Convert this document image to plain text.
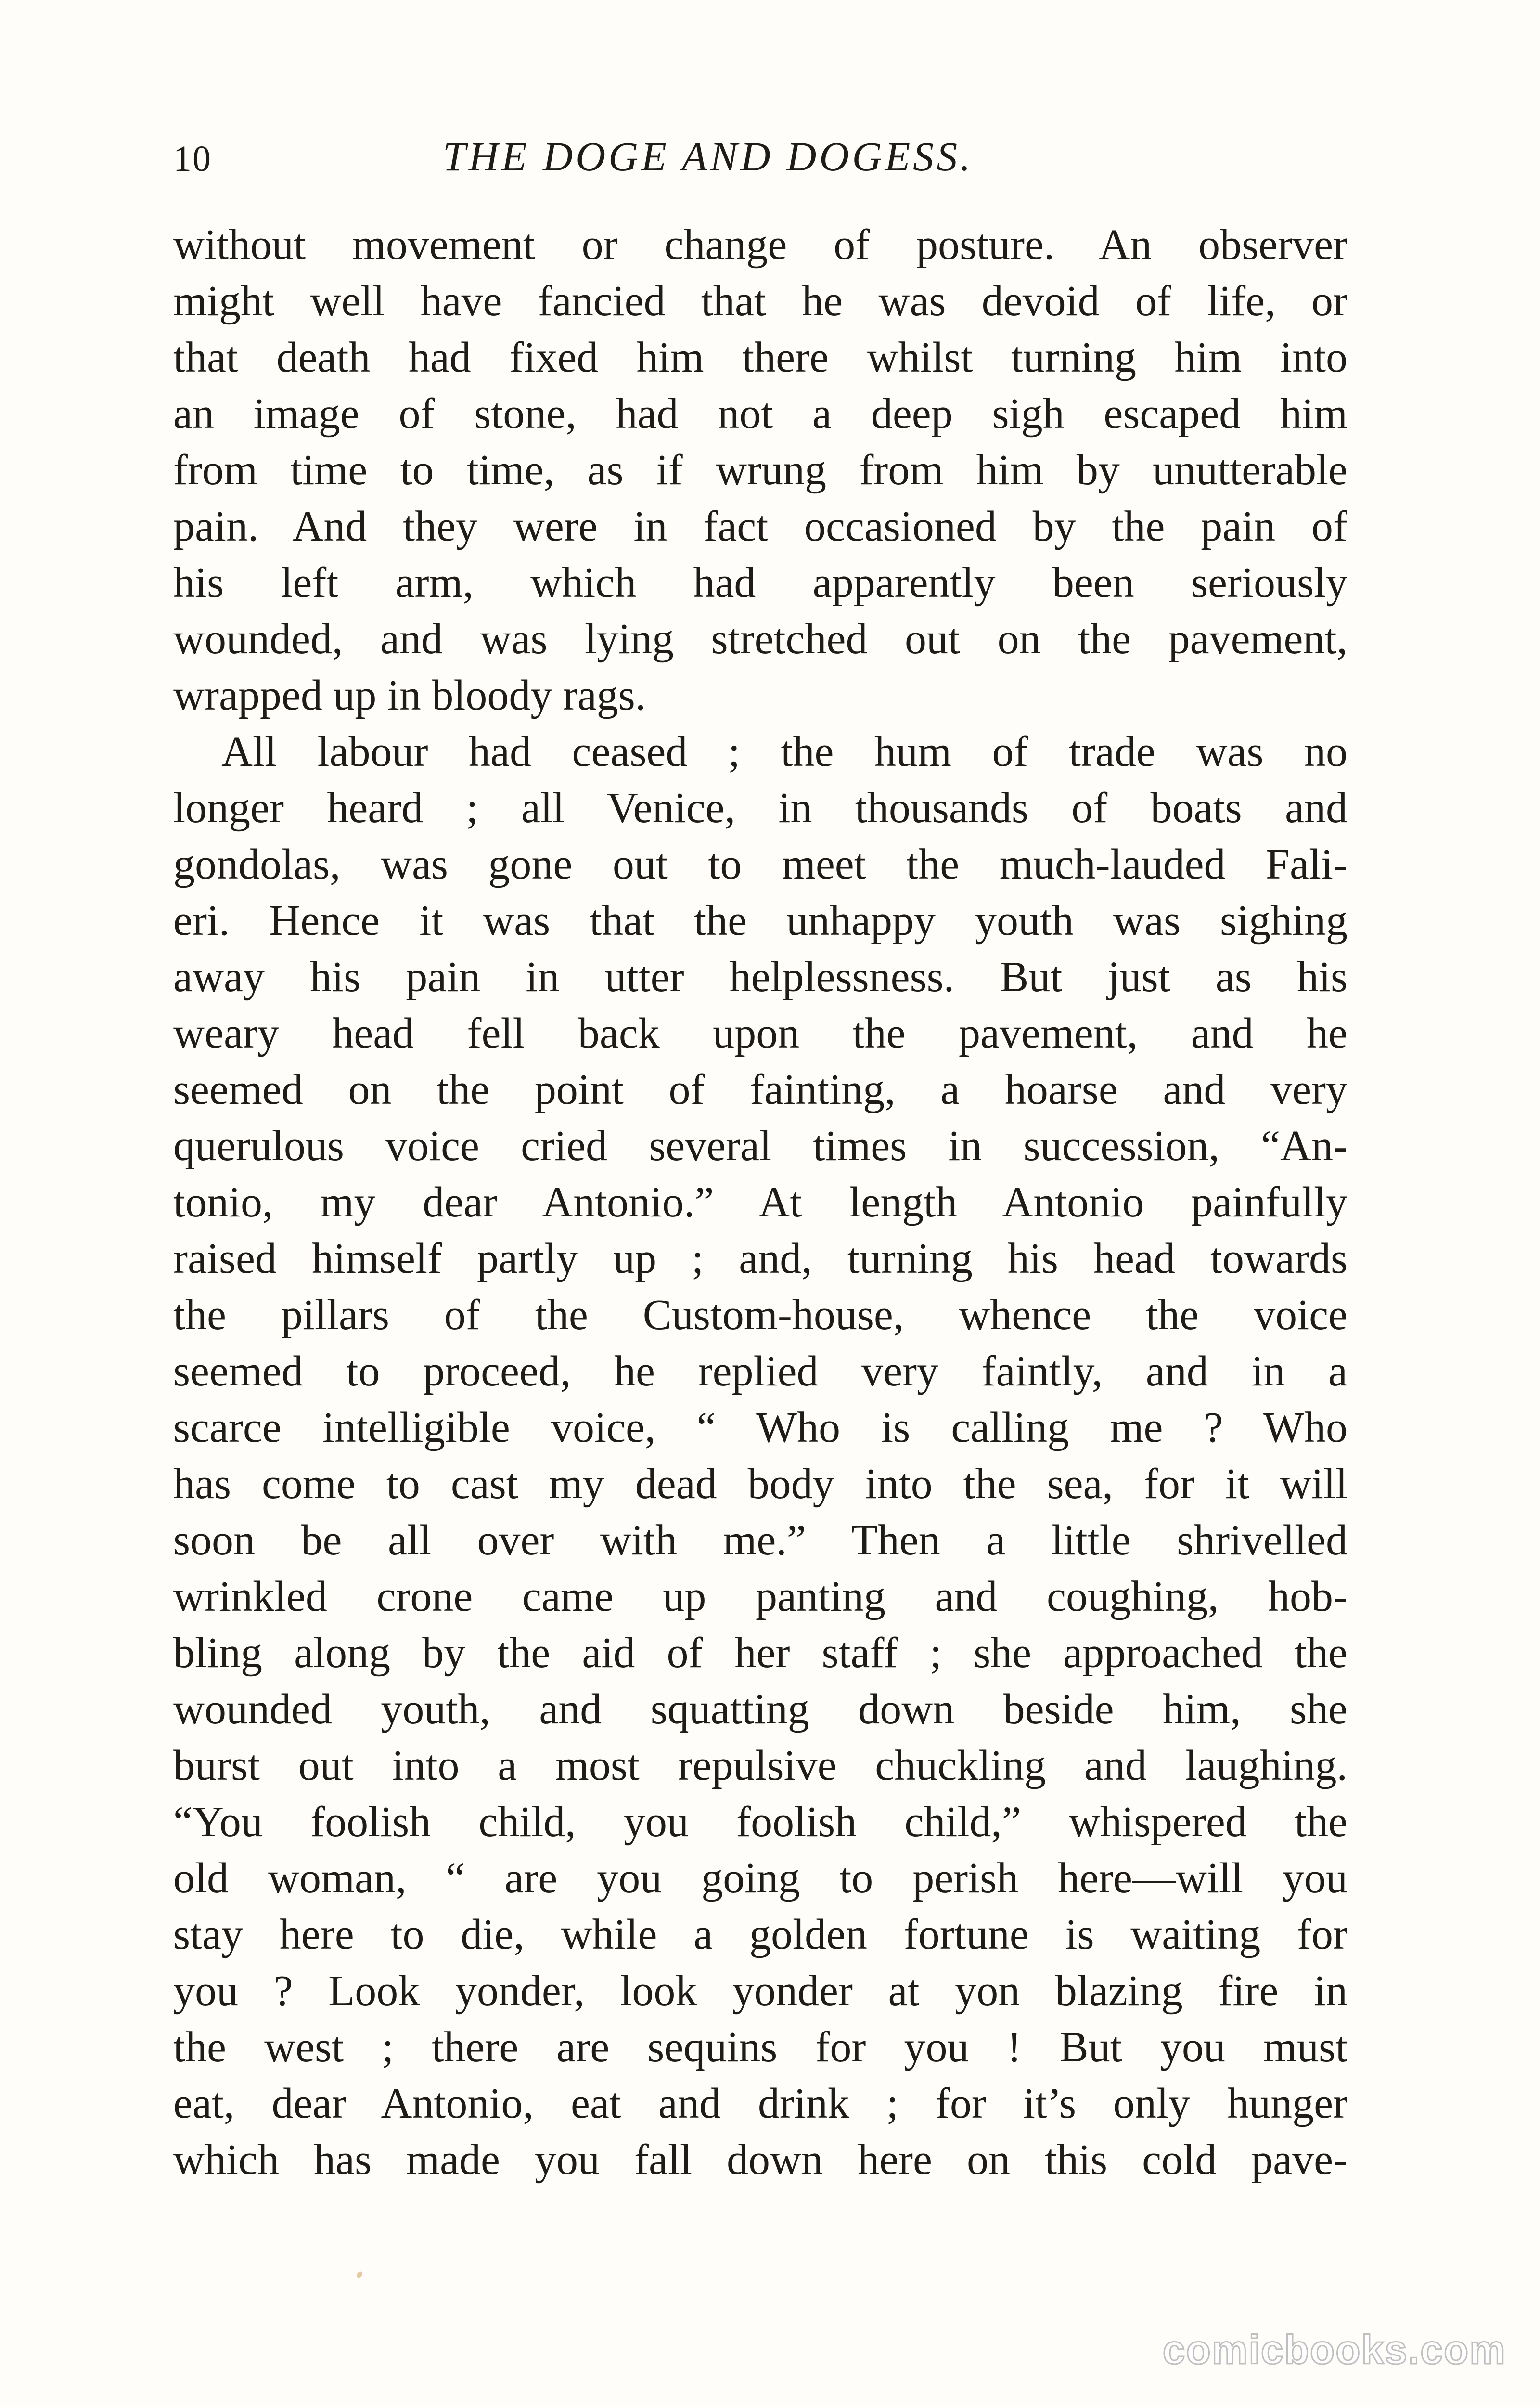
10	THE DOGE AND DOGESS.
without movement or change of posture. An observer
might well have fancied that he was devoid of life, or
that death had fixed him there whilst turning him into
an image of stone, had not a deep sigh escaped him
from time to time, as if wrung from him by unutterable
pain. And they were in fact occasioned by the pain of
his left arm, which had apparently been seriously
wounded, and was lying stretched out on the pavement,
wrapped up in bloody rags.
All labour had ceased ; the hum of trade was no
longer heard ; all Venice, in thousands of boats and
gondolas, was gone out to meet the much-lauded Fali-
eri. Hence it was that the unhappy youth was sighing
away his pain in utter helplessness. But just as his
weary head fell back upon the pavement, and he
seemed on the point of fainting, a hoarse and very
querulous voice cried several times in succession, “An-
tonio, my dear Antonio.” At length Antonio painfully
raised himself partly up ; and, turning his head towards
the pillars of the Custom-house, whence the voice
seemed to proceed, he replied very faintly, and in a
scarce intelligible voice, “ Who is calling me ? Who
has come to cast my dead body into the sea, for it will
soon be all over with me.” Then a little shrivelled
wrinkled crone came up panting and coughing, hob-
bling along by the aid of her staff ; she approached the
wounded youth, and squatting down beside him, she
burst out into a most repulsive chuckling and laughing.
“You foolish child, you foolish child,” whispered the
old woman, “ are you going to perish here—will you
stay here to die, while a golden fortune is waiting for
you ? Look yonder, look yonder at yon blazing fire in
the west ; there are sequins for you ! But you must
eat, dear Antonio, eat and drink ; for it’s only hunger
which has made you fall down here on this cold pave-
comicbooks.com
